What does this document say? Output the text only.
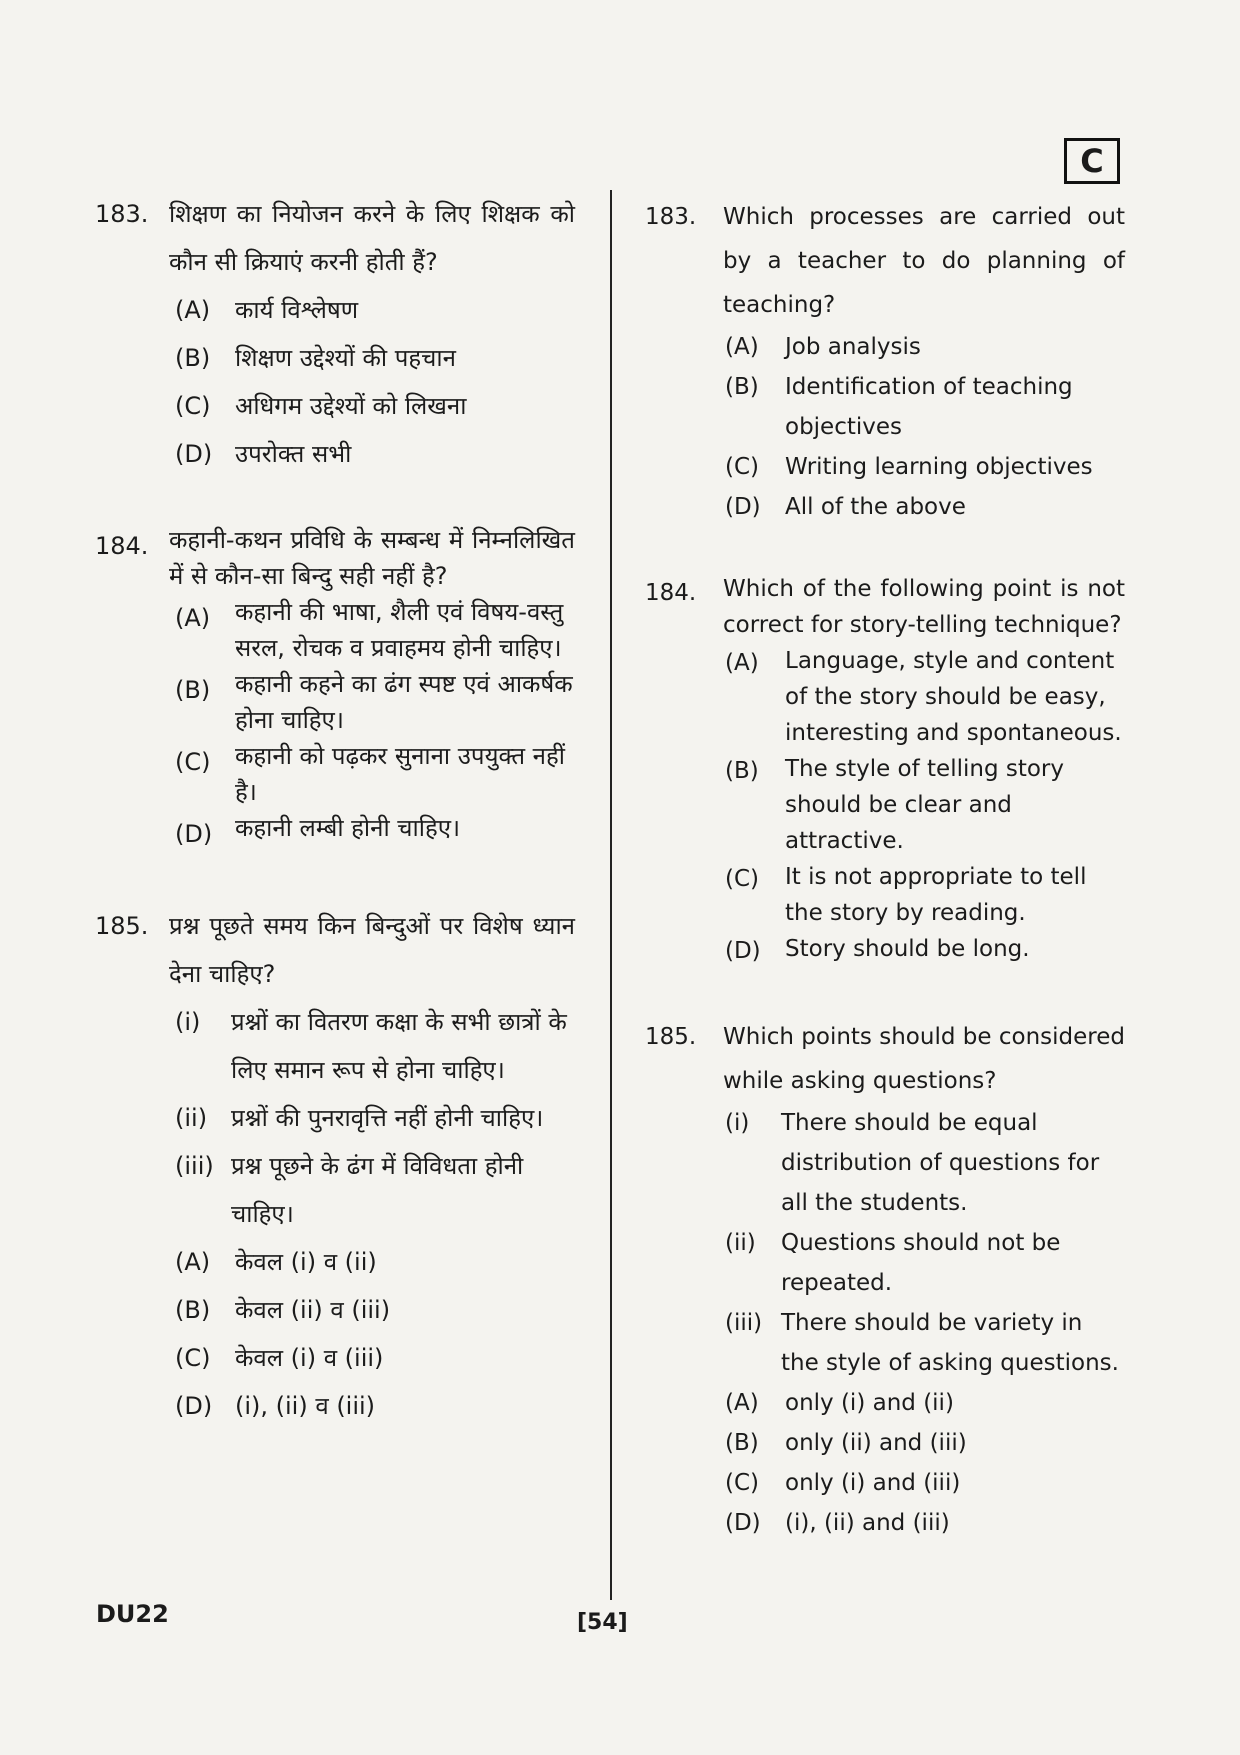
C
183. शिक्षण का नियोजन करने के लिए शिक्षक को कौन सी क्रियाएं करनी होती हैं?
(A)	कार्य विश्लेषण
(B)	शिक्षण उद्देश्यों की पहचान
(C)	अधिगम उद्देश्यों को लिखना
(D) उपरोक्त सभी
184. कहानी-कथन प्रविधि के सम्बन्ध में निम्नलिखित में से कौन-सा बिन्दु सही नहीं है?
(A)	कहानी की भाषा, शैली एवं विषय-वस्तु सरल, रोचक व प्रवाहमय होनी चाहिए।
(B)	कहानी कहने का ढंग स्पष्ट एवं आकर्षक होना चाहिए।
(C)	कहानी को पढ़कर सुनाना उपयुक्त नहीं है।
(D) कहानी लम्बी होनी चाहिए।
185. प्रश्न पूछते समय किन बिन्दुओं पर विशेष ध्यान देना चाहिए?
(i)	प्रश्नों का वितरण कक्षा के सभी छात्रों के लिए समान रूप से होना चाहिए।
(ii) प्रश्नों की पुनरावृत्ति नहीं होनी चाहिए।
(iii) प्रश्न पूछने के ढंग में विविधता होनी चाहिए।
(A)	केवल (i) व (ii)
(B)	केवल (ii) व (iii)
(C)	केवल (i) व (iii)
(D) (i), (ii) व (iii)
183.	Which processes are carried out by a teacher to do planning of teaching?
(A)	Job analysis
(B)	Identification of teaching objectives
(C)	Writing learning objectives
(D)	All of the above
184.	Which of the following point is not correct for story-telling technique?
(A)	Language, style and content of the story should be easy, interesting and spontaneous.
(B)	The style of telling story should be clear and attractive.
(C)	It is not appropriate to tell the story by reading.
(D)	Story should be long.
185.	Which points should be considered while asking questions?
(i)	There should be equal distribution of questions for all the students.
(ii)	Questions should not be repeated.
(iii) There should be variety in the style of asking questions.
(A)	only (i) and (ii)
(B)	only (ii) and (iii)
(C)	only (i) and (iii)
(D)	(i), (ii) and (iii)
DU22	[54]
